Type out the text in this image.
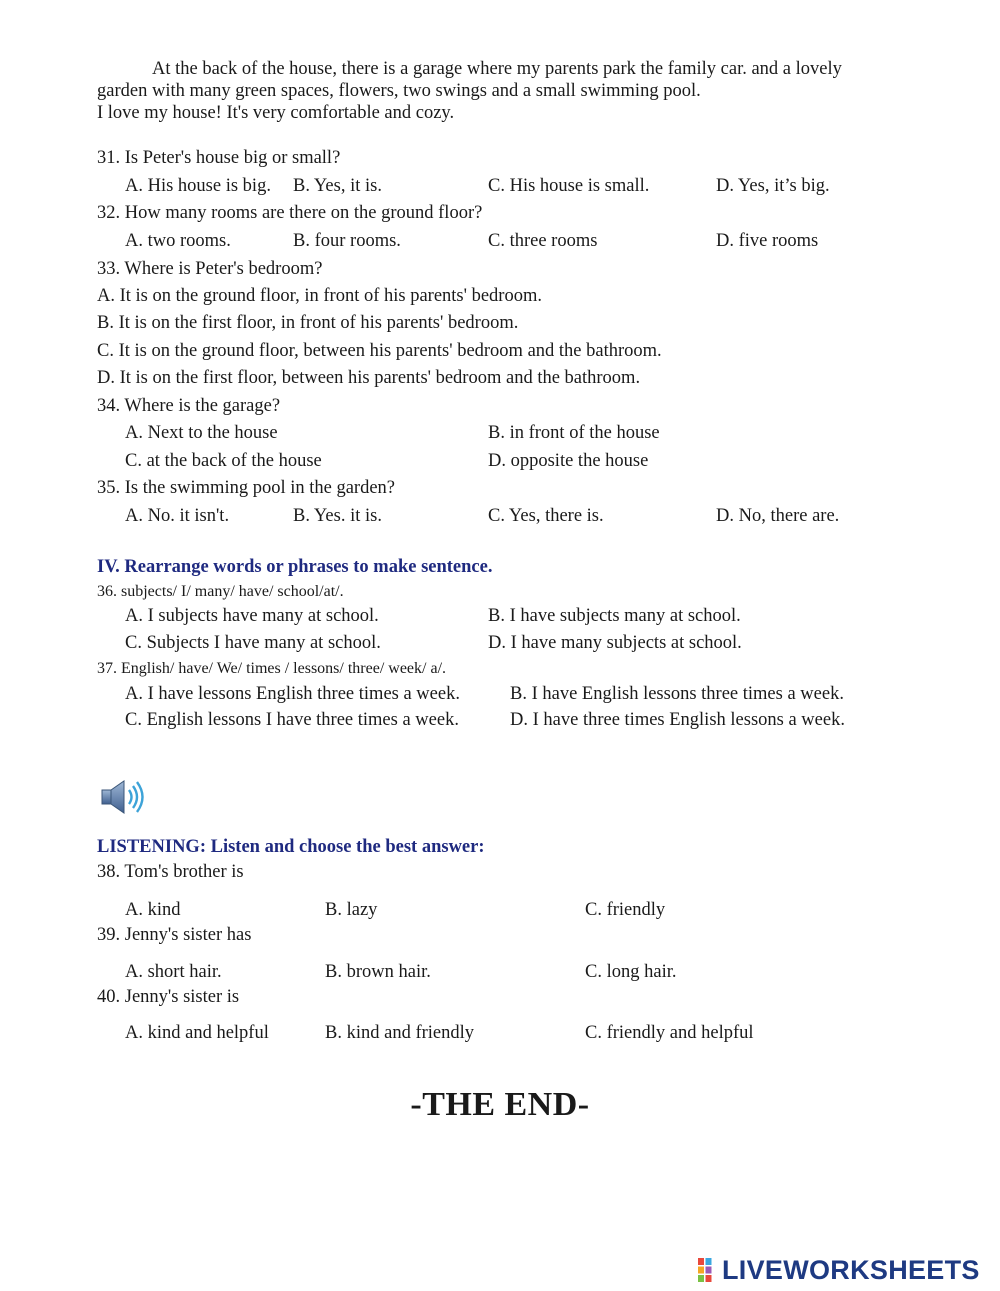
At the back of the house, there is a garage where my parents park the family car. and a lovely
garden with many green spaces, flowers, two swings and a small swimming pool.
I love my house! It's very comfortable and cozy.
31. Is Peter's house big or small?
A. His house is big. B. Yes, it is.	C. His house is small.	D. Yes, it’s big.
32. How many rooms are there on the ground floor?
A. two rooms.	B. four rooms.	C. three rooms	D. five rooms
33. Where is Peter's bedroom?
A. It is on the ground floor, in front of his parents' bedroom.
B. It is on the first floor, in front of his parents' bedroom.
C. It is on the ground floor, between his parents' bedroom and the bathroom.
D. It is on the first floor, between his parents' bedroom and the bathroom.
34. Where is the garage?
A. Next to the house	B. in front of the house
C. at the back of the house	D. opposite the house
35. Is the swimming pool in the garden?
A. No. it isn't.	B. Yes. it is.	C. Yes, there is.	D. No, there are.
IV. Rearrange words or phrases to make sentence.
36. subjects/ I/ many/ have/ school/at/.
A. I subjects have many at school.	B. I have subjects many at school.
C. Subjects I have many at school.	D. I have many subjects at school.
37. English/ have/ We/ times / lessons/ three/ week/ a/.
A. I have lessons English three times a week.	B. I have English lessons three times a week.
C. English lessons I have three times a week.	D. I have three times English lessons a week.
LISTENING: Listen and choose the best answer:
38. Tom's brother is
A. kind	B. lazy	C. friendly
39. Jenny's sister has
A. short hair.	B. brown hair.	C. long hair.
40. Jenny's sister is
A. kind and helpful	B. kind and friendly	C. friendly and helpful
-THE END-
LIVEWORKSHEETS
